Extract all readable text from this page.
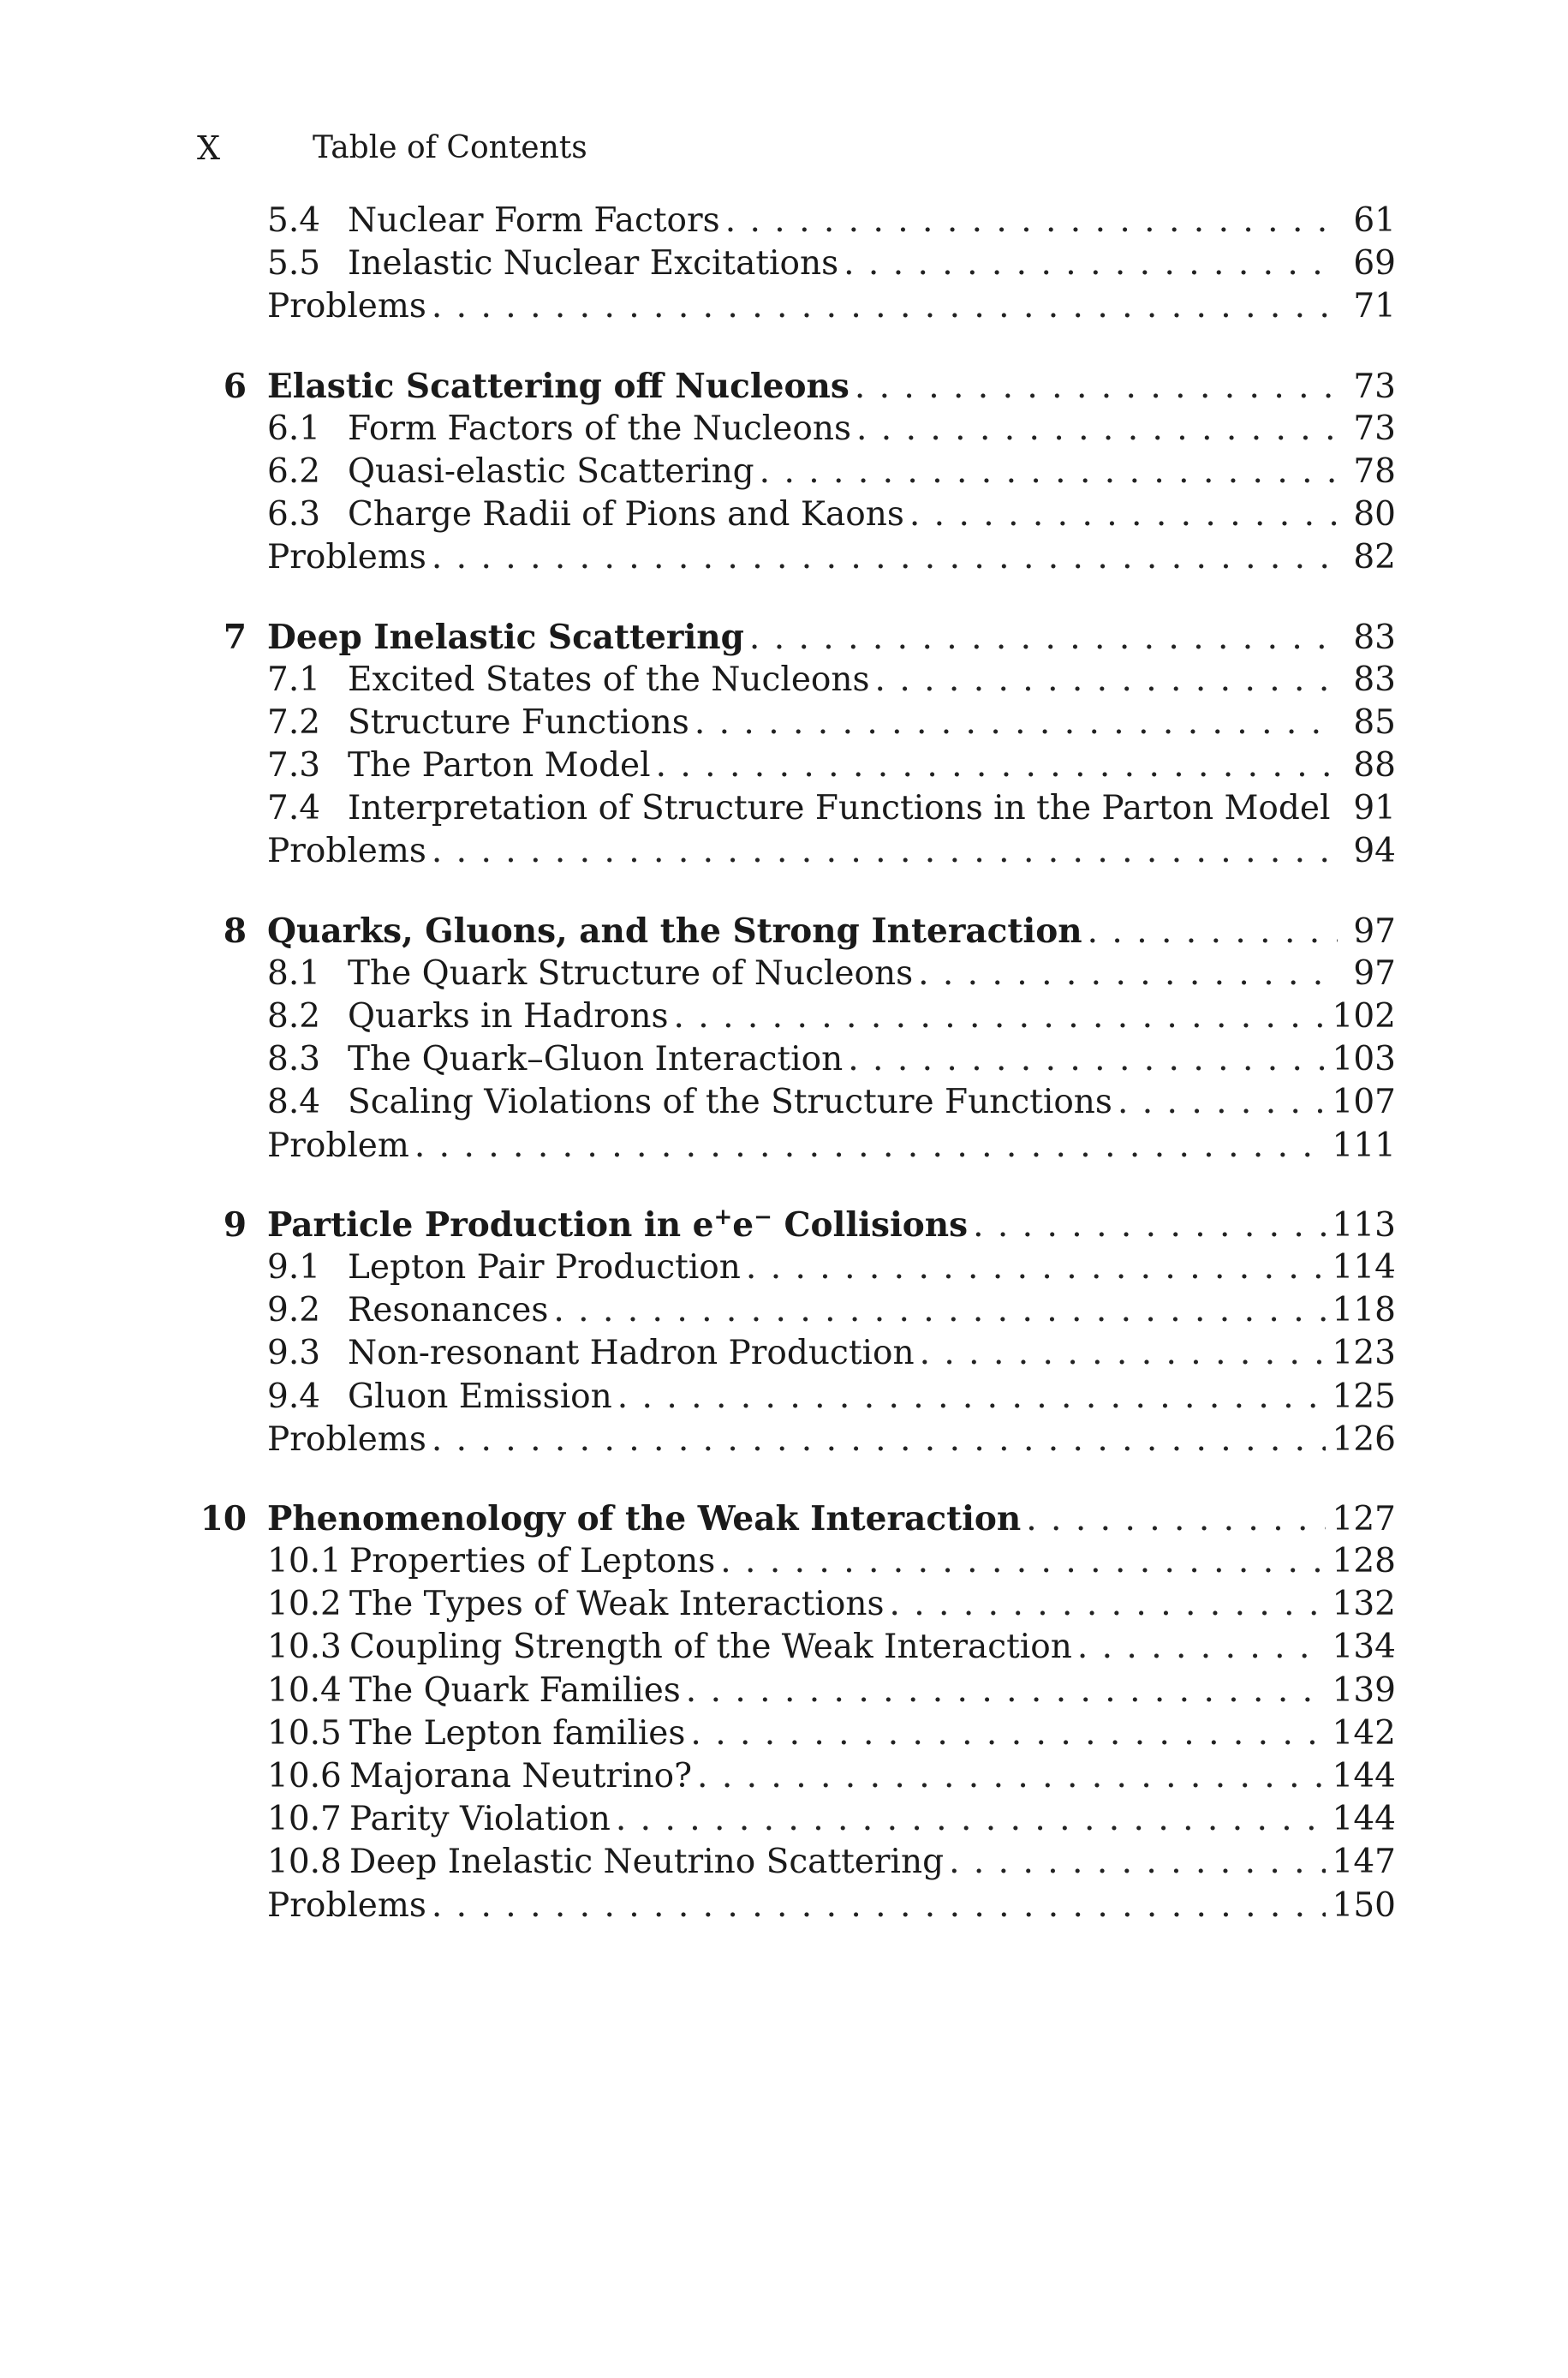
X	Table of Contents
5.4 Nuclear Form Factors . . .	61
5.5 Inelastic Nuclear Excitations . . .	69
Problems . . .	71
6 Elastic Scattering off Nucleons . . .	73
6.1 Form Factors of the Nucleons . . .	73
6.2 Quasi-elastic Scattering . . .	78
6.3 Charge Radii of Pions and Kaons . . .	80
Problems . . .	82
7 Deep Inelastic Scattering . . .	83
7.1 Excited States of the Nucleons . . .	83
7.2 Structure Functions . . .	85
7.3 The Parton Model . . .	88
7.4 Interpretation of Structure Functions in the Parton Model . . . 91
Problems . . .	94
8 Quarks, Gluons, and the Strong Interaction . . .	97
8.1 The Quark Structure of Nucleons . . .	97
8.2 Quarks in Hadrons . . .	102
8.3 The Quark–Gluon Interaction . . .	103
8.4 Scaling Violations of the Structure Functions . . .	107
Problem . . .	111
9 Particle Production in e+e− Collisions . . .	113
9.1 Lepton Pair Production . . .	114
9.2 Resonances . . .	118
9.3 Non-resonant Hadron Production . . .	123
9.4 Gluon Emission . . .	125
Problems . . .	126
10 Phenomenology of the Weak Interaction . . .	127
10.1 Properties of Leptons . . .	128
10.2 The Types of Weak Interactions . . .	132
10.3 Coupling Strength of the Weak Interaction . . .	134
10.4 The Quark Families . . .	139
10.5 The Lepton families . . .	142
10.6 Majorana Neutrino? . . .	144
10.7 Parity Violation . . .	144
10.8 Deep Inelastic Neutrino Scattering . . .	147
Problems . . .	150
